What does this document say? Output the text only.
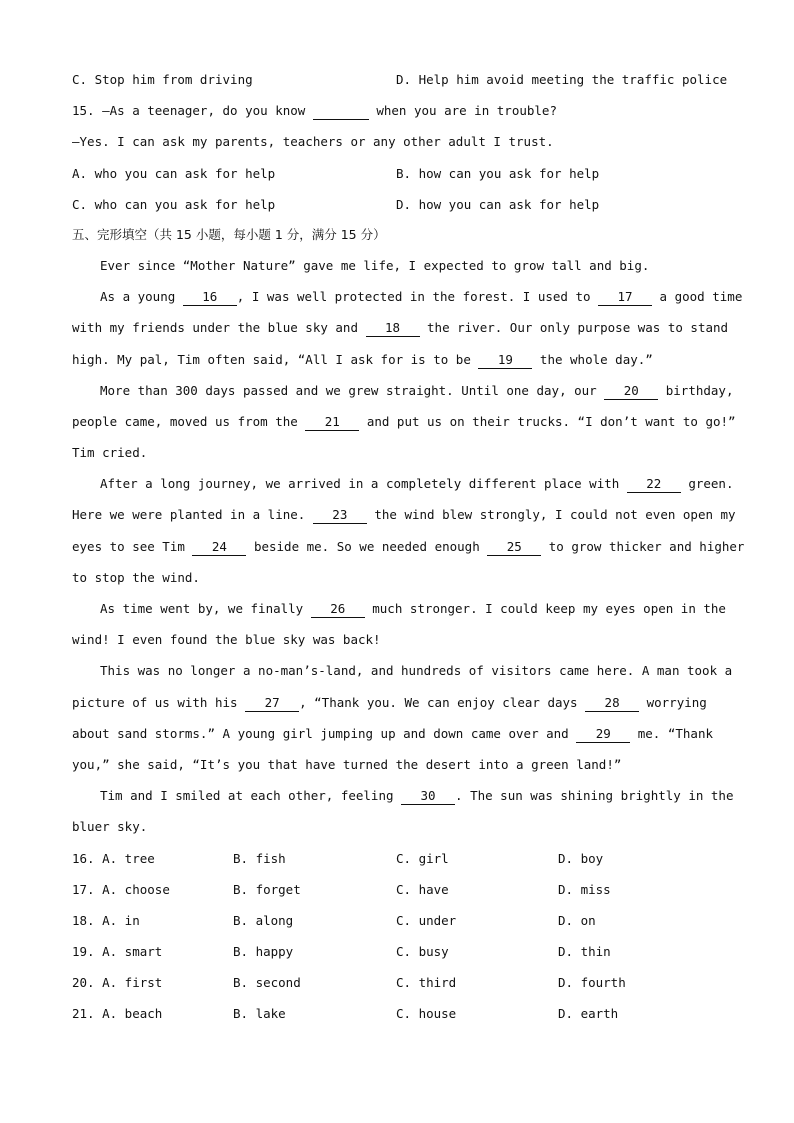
C. Stop him from driving	D. Help him avoid meeting the traffic police
15. —As a teenager, do you know	when you are in trouble?
—Yes. I can ask my parents, teachers or any other adult I trust.
A. who you can ask for help	B. how can you ask for help
C. who can you ask for help	D. how you can ask for help
五、完形填空（共 15 小题，每小题 1 分，满分 15 分）
Ever since “Mother Nature” gave me life, I expected to grow tall and big.
As a young 16 , I was well protected in the forest. I used to 17 a good time
with my friends under the blue sky and 18 the river. Our only purpose was to stand
high. My pal, Tim often said, “All I ask for is to be 19 the whole day.”
More than 300 days passed and we grew straight. Until one day, our 20 birthday,
people came, moved us from the 21 and put us on their trucks. “I don’t want to go!”
Tim cried.
After a long journey, we arrived in a completely different place with 22 green.
Here we were planted in a line. 23 the wind blew strongly, I could not even open my
eyes to see Tim 24 beside me. So we needed enough 25 to grow thicker and higher
to stop the wind.
As time went by, we finally 26 much stronger. I could keep my eyes open in the
wind! I even found the blue sky was back!
This was no longer a no-man’s-land, and hundreds of visitors came here. A man took a
picture of us with his 27 , “Thank you. We can enjoy clear days 28 worrying
about sand storms.” A young girl jumping up and down came over and 29 me. “Thank
you,” she said, “It’s you that have turned the desert into a green land!”
Tim and I smiled at each other, feeling 30 . The sun was shining brightly in the
bluer sky.
16. A. tree	B. fish	C. girl	D. boy
17. A. choose	B. forget	C. have	D. miss
18. A. in	B. along	C. under	D. on
19. A. smart	B. happy	C. busy	D. thin
20. A. first	B. second	C. third	D. fourth
21. A. beach	B. lake	C. house	D. earth
